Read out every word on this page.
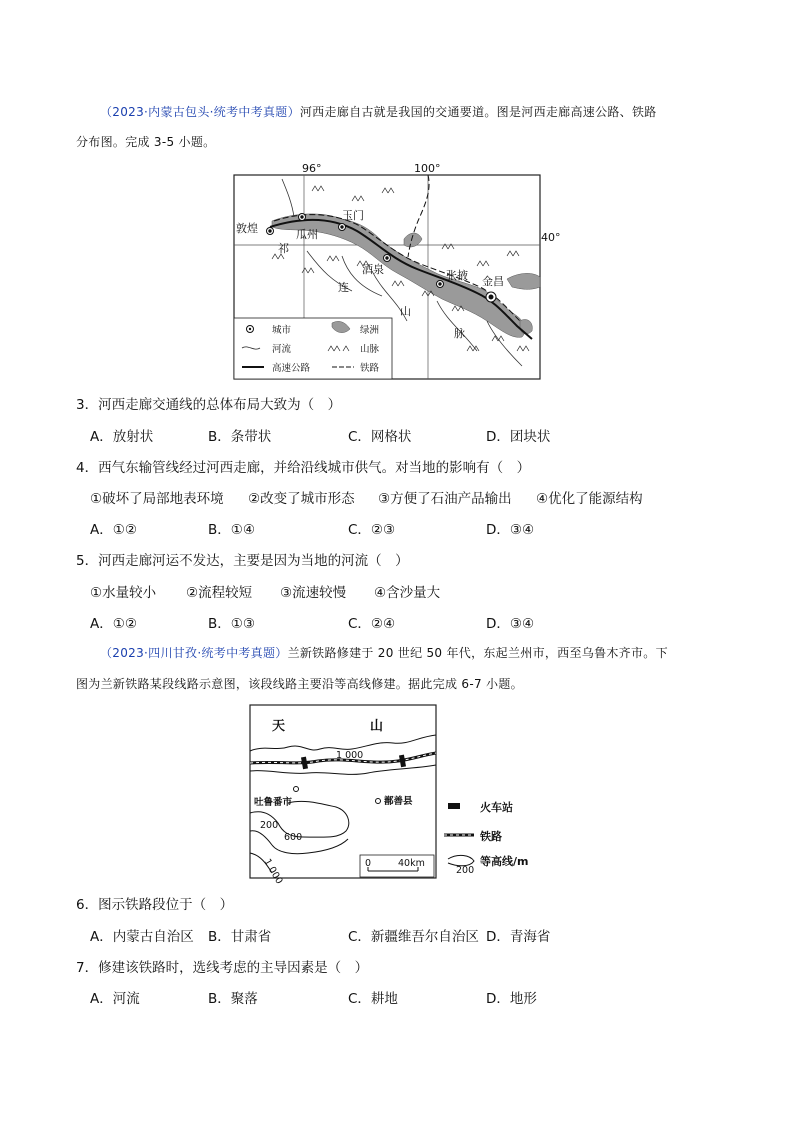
（2023·内蒙古包头·统考中考真题）河西走廊自古就是我国的交通要道。图是河西走廊高速公路、铁路
分布图。完成 3-5 小题。
96°	100°
40°
敦煌	瓜州
玉门
酒泉	张掖 金昌
祁
连
山
脉
城市	绿洲
河流	山脉
高速公路	铁路
3．河西走廊交通线的总体布局大致为（　）
A．放射状	B．条带状	C．网格状	D．团块状
4．西气东输管线经过河西走廊，并给沿线城市供气。对当地的影响有（　）
①破坏了局部地表环境 ②改变了城市形态 ③方便了石油产品输出 ④优化了能源结构
A．①②	B．①④	C．②③	D．③④
5．河西走廊河运不发达，主要是因为当地的河流（　）
①水量较小 ②流程较短 ③流速较慢 ④含沙量大
A．①②	B．①③	C．②④	D．③④
（2023·四川甘孜·统考中考真题）兰新铁路修建于 20 世纪 50 年代，东起兰州市，西至乌鲁木齐市。下
图为兰新铁路某段线路示意图，该段线路主要沿等高线修建。据此完成 6-7 小题。
天	山
1 000
200
600
1 000
吐鲁番市	鄯善县
0	40km
火车站
铁路
200
等高线/m
6．图示铁路段位于（　）
A．内蒙古自治区 B．甘肃省	C．新疆维吾尔自治区 D．青海省
7．修建该铁路时，选线考虑的主导因素是（　）
A．河流	B．聚落	C．耕地	D．地形
